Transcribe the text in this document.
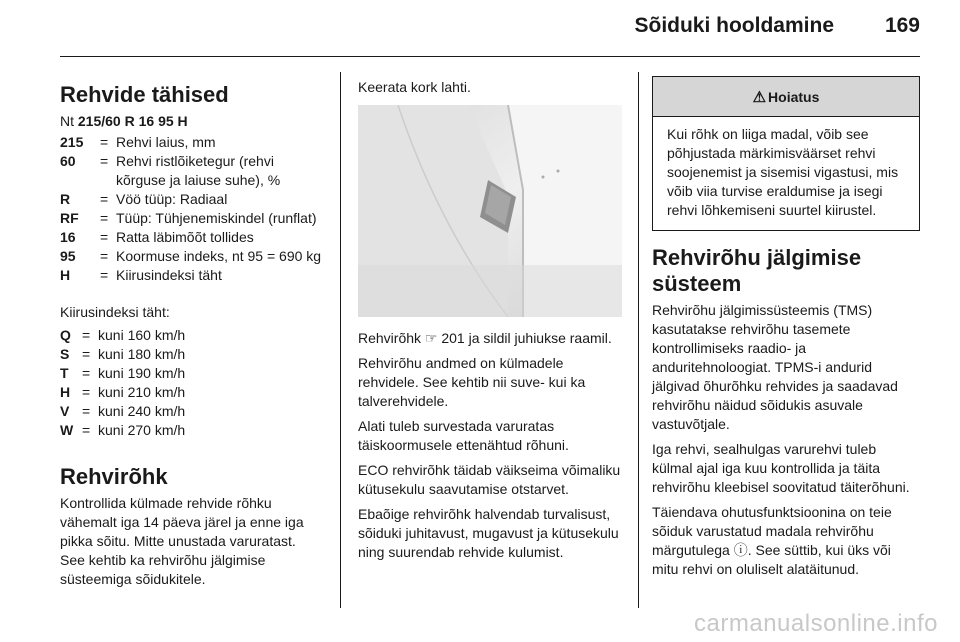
Sõiduki hooldamine 169
Rehvide tähised
Nt 215/60 R 16 95 H
215	= Rehvi laius, mm
60	= Rehvi ristlõiketegur (rehvi kõrguse ja laiuse suhe), %
R	= Vöö tüüp: Radiaal
RF	= Tüüp: Tühjenemiskindel (runflat)
16	= Ratta läbimõõt tollides
95	= Koormuse indeks, nt 95 = 690 kg
H	= Kiirusindeksi täht

Kiirusindeksi täht:

Q = kuni 160 km/h
S = kuni 180 km/h
T = kuni 190 km/h
H = kuni 210 km/h
V = kuni 240 km/h
W = kuni 270 km/h
Rehvirõhk

Kontrollida külmade rehvide rõhku vähemalt iga 14 päeva järel ja enne iga pikka sõitu. Mitte unustada varuratast. See kehtib ka rehvirõhu jälgimise süsteemiga sõidukitele.

Keerata kork lahti.

Rehvirõhk ☞ 201 ja sildil juhiukse raamil.

Rehvirõhu andmed on külmadele rehvidele. See kehtib nii suve- kui ka talverehvidele.

Alati tuleb survestada varuratas täiskoormusele ettenähtud rõhuni.

ECO rehvirõhk täidab väikseima võimaliku kütusekulu saavutamise otstarvet.

Ebaõige rehvirõhk halvendab turvalisust, sõiduki juhitavust, mugavust ja kütusekulu ning suurendab rehvide kulumist.

⚠ Hoiatus
Kui rõhk on liiga madal, võib see põhjustada märkimisväärset rehvi soojenemist ja sisemisi vigastusi, mis võib viia turvise eraldumise ja isegi rehvi lõhkemiseni suurtel kiirustel.
Rehvirõhu jälgimise süsteem

Rehvirõhu jälgimissüsteemis (TMS) kasutatakse rehvirõhu tasemete kontrollimiseks raadio- ja anduritehnoloogiat. TPMS-i andurid jälgivad õhurõhku rehvides ja saadavad rehvirõhu näidud sõidukis asuvale vastuvõtjale.

Iga rehvi, sealhulgas varurehvi tuleb külmal ajal iga kuu kontrollida ja täita rehvirõhu kleebisel soovitatud täiterõhuni.

Täiendava ohutusfunktsioonina on teie sõiduk varustatud madala rehvirõhu märgutulega ⓘ. See süttib, kui üks või mitu rehvi on oluliselt alatäitunud.

carmanualsonline.info
